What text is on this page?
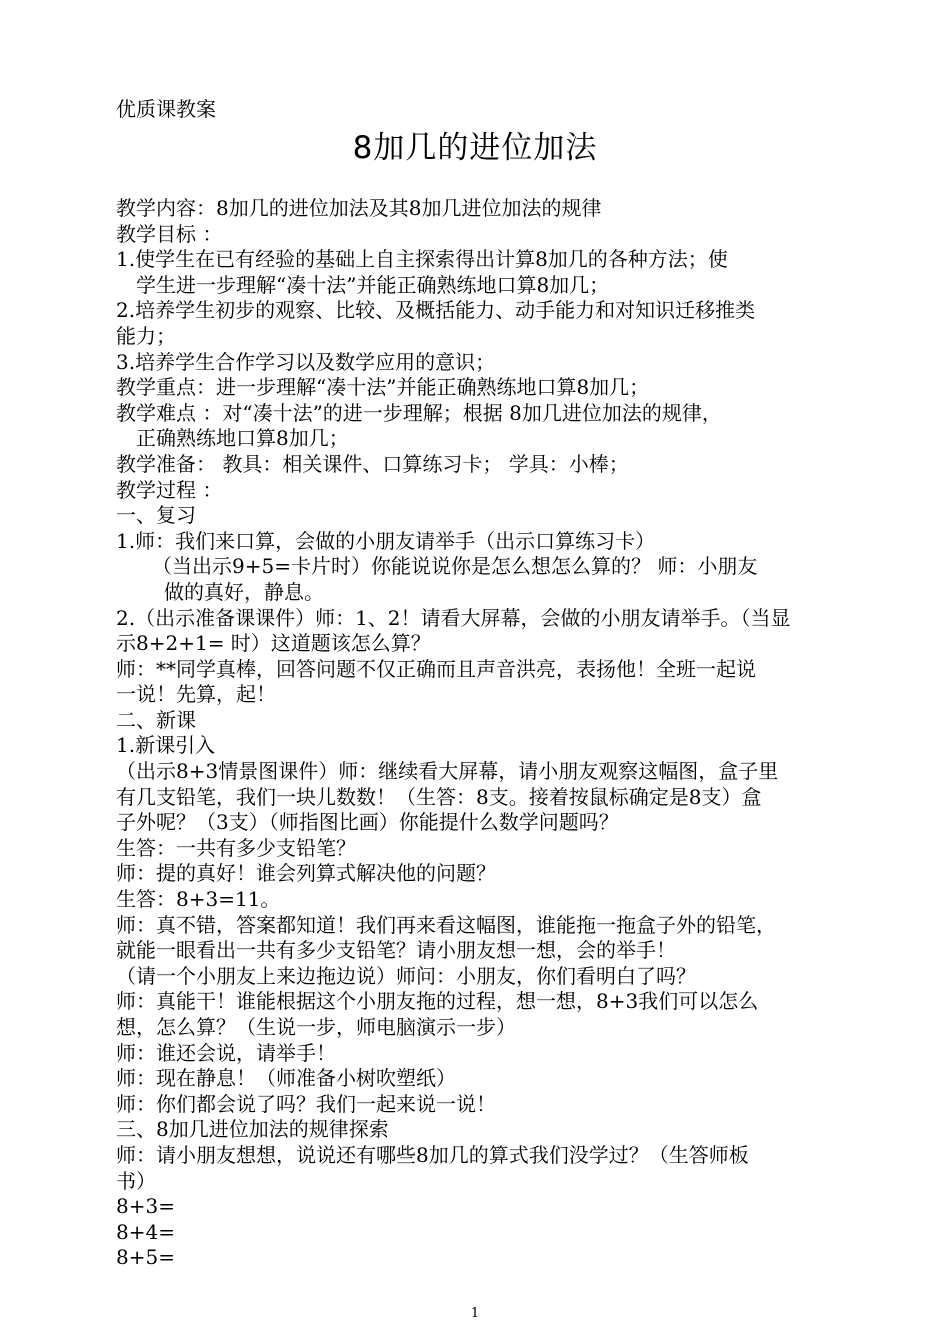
优质课教案
8加几的进位加法

教学内容：8加几的进位加法及其8加几进位加法的规律

教学目标 ：

1.使学生在已有经验的基础上自主探索得出计算8加几的各种方法；使

学生进一步理解“凑十法”并能正确熟练地口算8加几；

2.培养学生初步的观察、比较、及概括能力、动手能力和对知识迁移推类

能力；

3.培养学生合作学习以及数学应用的意识；

教学重点：进一步理解“凑十法”并能正确熟练地口算8加几；

教学难点 ：对“凑十法”的进一步理解；根据 8加几进位加法的规律，

正确熟练地口算8加几；

教学准备： 教具：相关课件、口算练习卡； 学具：小棒；

教学过程 ：

一、复习

1.师：我们来口算，会做的小朋友请举手（出示口算练习卡）

（当出示9+5=卡片时）你能说说你是怎么想怎么算的？ 师：小朋友

做的真好，静息。

2.（出示准备课课件）师：1、2！请看大屏幕，会做的小朋友请举手。（当显

示8+2+1= 时）这道题该怎么算？

师：**同学真棒，回答问题不仅正确而且声音洪亮，表扬他！全班一起说

一说！先算，起！

二、新课

1.新课引入

（出示8+3情景图课件）师：继续看大屏幕，请小朋友观察这幅图，盒子里

有几支铅笔，我们一块儿数数！（生答：8支。接着按鼠标确定是8支）盒

子外呢？（3支）（师指图比画）你能提什么数学问题吗？

生答：一共有多少支铅笔？

师：提的真好！谁会列算式解决他的问题？

生答：8+3=11。

师：真不错，答案都知道！我们再来看这幅图，谁能拖一拖盒子外的铅笔，

就能一眼看出一共有多少支铅笔？请小朋友想一想，会的举手！

（请一个小朋友上来边拖边说）师问：小朋友，你们看明白了吗？

师：真能干！谁能根据这个小朋友拖的过程，想一想，8+3我们可以怎么

想，怎么算？（生说一步，师电脑演示一步）

师：谁还会说，请举手！

师：现在静息！（师准备小树吹塑纸）

师：你们都会说了吗？我们一起来说一说！

三、8加几进位加法的规律探索

师：请小朋友想想，说说还有哪些8加几的算式我们没学过？（生答师板

书）

8+3=

8+4=

8+5=

1
